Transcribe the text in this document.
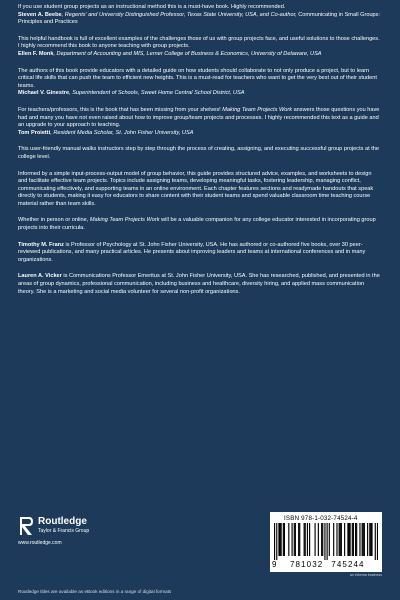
If you use student group projects as an instructional method this is a must-have book. Highly recommended.

Steven A. Beebe, Regents’ and University Distinguished Professor, Texas State University, USA, and Co-author, Communicating in Small Groups: Principles and Practices

This helpful handbook is full of excellent examples of the challenges those of us with group projects face, and useful solutions to those challenges. I highly recommend this book to anyone teaching with group projects.

Ellen F. Monk, Department of Accounting and MIS, Lerner College of Business & Economics, University of Delaware, USA

The authors of this book provide educators with a detailed guide on how students should collaborate to not only produce a project, but to learn critical life skills that can push the team to efficient new heights. This is a must-read for teachers who want to get the very best out of their student teams.

Michael V. Ginestre, Superintendent of Schools, Sweet Home Central School District, USA

For teachers/professors, this is the book that has been missing from your shelves! Making Team Projects Work answers those questions you have had and many you have not even raised about how to improve group/team projects and processes. I highly recommended this text as a guide and an upgrade to your approach to teaching.

Tom Proietti, Resident Media Scholar, St. John Fisher University, USA

This user-friendly manual walks instructors step by step through the process of creating, assigning, and executing successful group projects at the college level.

Informed by a simple input-process-output model of group behavior, this guide provides structured advice, examples, and worksheets to design and facilitate effective team projects. Topics include assigning teams, developing meaningful tasks, fostering leadership, managing conflict, communicating effectively, and supporting teams in an online environment. Each chapter features sections and readymade handouts that speak directly to students, making it easy for educators to share content with their student teams and spend valuable classroom time teaching course material rather than team skills.

Whether in person or online, Making Team Projects Work will be a valuable companion for any college educator interested in incorporating group projects into their curricula.

Timothy M. Franz is Professor of Psychology at St. John Fisher University, USA. He has authored or co-authored five books, over 30 peer-reviewed publications, and many practical articles. He presents about improving leaders and teams at international conferences and in many organizations.

Lauren A. Vicker is Communications Professor Emeritus at St. John Fisher University, USA. She has researched, published, and presented in the areas of group dynamics, professional communication, including business and healthcare, diversity hiring, and applied mass communication theory. She is a marketing and social media volunteer for several non-profit organizations.

Routledge
Taylor & Francis Group
www.routledge.com
ISBN 978-1-032-74524-4
9	781032 745244
an informa business
Routledge titles are available as eBook editions in a range of digital formats
